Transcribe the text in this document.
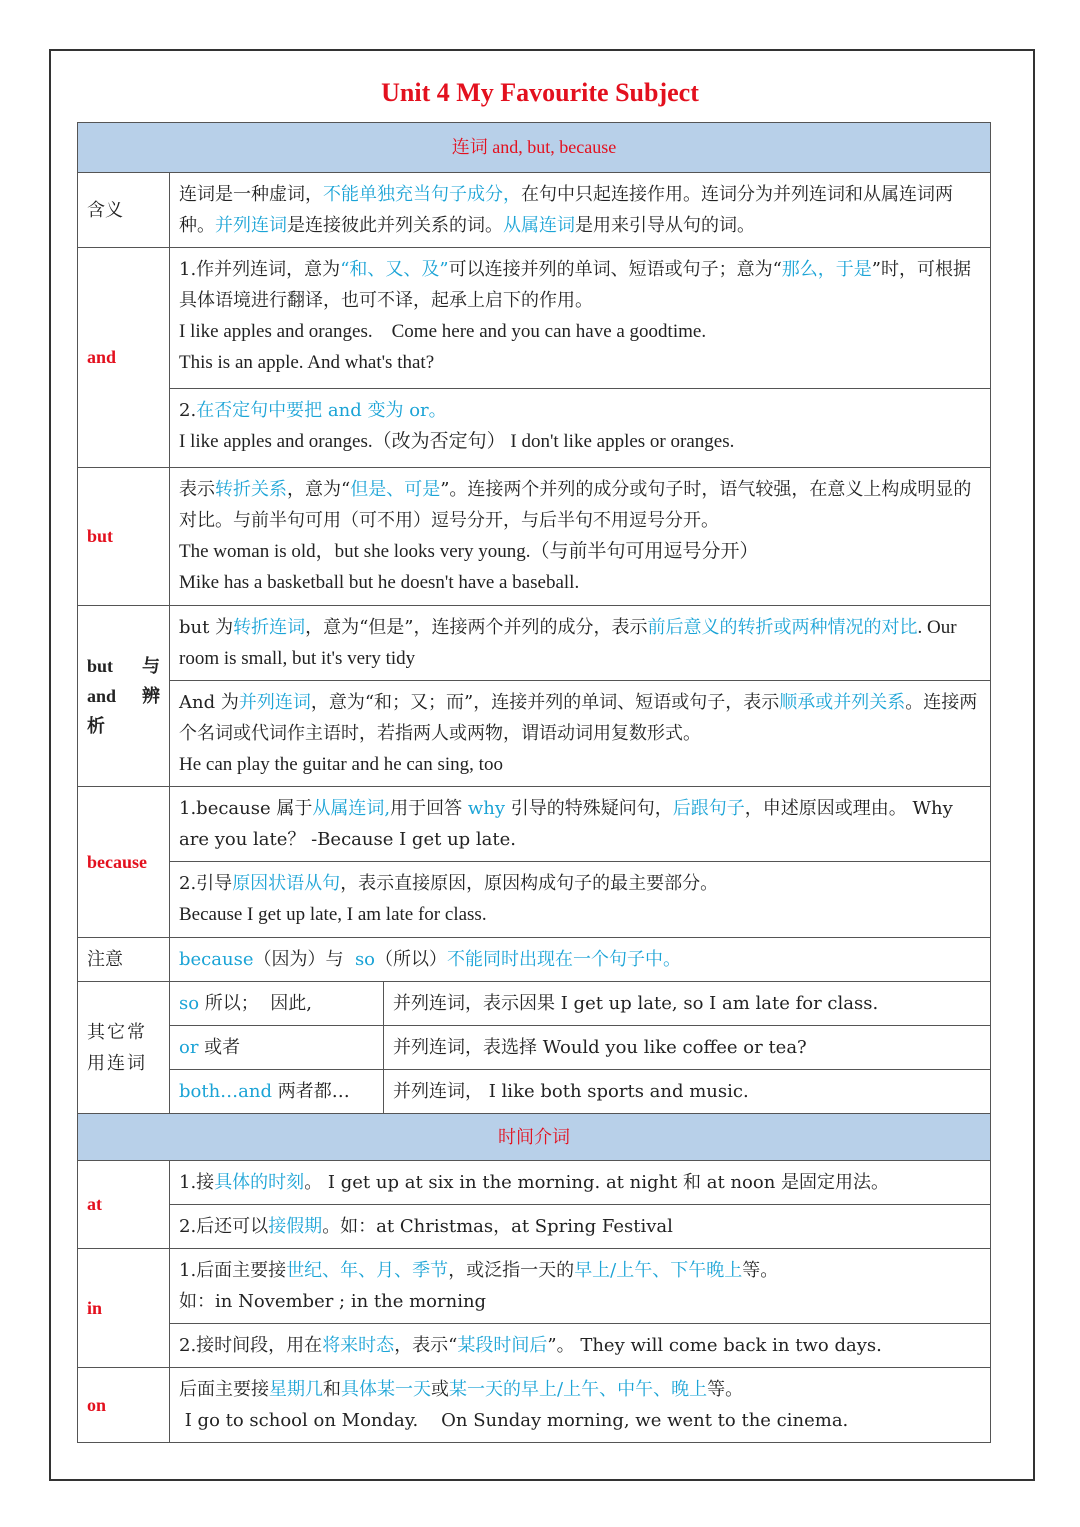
Unit 4 My Favourite Subject
连词 and, but, because		
含义	连词是一种虚词，不能单独充当句子成分，在句中只起连接作用。连词分为并列连词和从属连词两种。并列连词是连接彼此并列关系的词。从属连词是用来引导从句的词。	
and	1.作并列连词，意为“和、又、及”可以连接并列的单词、短语或句子；意为“那么，于是”时，可根据具体语境进行翻译，也可不译，起承上启下的作用。
I like apples and oranges.    Come here and you can have a goodtime.
This is an apple. And what's that?	

	2.在否定句中要把 and 变为 or。
I like apples and oranges.（改为否定句） I don't like apples or oranges.	

but	表示转折关系，意为“但是、可是”。连接两个并列的成分或句子时，语气较强，在意义上构成明显的对比。与前半句可用（可不用）逗号分开，与后半句不用逗号分开。
The woman is old，but she looks very young.（与前半句可用逗号分开）
Mike has a basketball but he doesn't have a baseball.	

but 与
and 辨
析	but 为转折连词，意为“但是”，连接两个并列的成分，表示前后意义的转折或两种情况的对比. Our room is small, but it's very tidy	

	And 为并列连词，意为“和；又；而”，连接并列的单词、短语或句子，表示顺承或并列关系。连接两个名词或代词作主语时，若指两人或两物，谓语动词用复数形式。
He can play the guitar and he can sing, too	

because	1.because 属于从属连词,用于回答 why 引导的特殊疑问句，后跟句子，申述原因或理由。 Why are you late？ -Because I get up late.	

	2.引导原因状语从句，表示直接原因，原因构成句子的最主要部分。
Because I get up late, I am late for class.	

注意	because（因为）与  so（所以）不能同时出现在一个句子中。	
其它常用连词	so 所以；  因此,	并列连词，表示因果 I get up late, so I am late for class.
	or 或者	并列连词，表选择 Would you like coffee or tea?
	both…and 两者都…	并列连词， I like both sports and music.
时间介词		
at	1.接具体的时刻。 I get up at six in the morning. at night 和 at noon 是固定用法。	
	2.后还可以接假期。如：at Christmas，at Spring Festival	
in	1.后面主要接世纪、年、月、季节，或泛指一天的早上/上午、下午晚上等。
如：in November ; in the morning	

	2.接时间段，用在将来时态，表示“某段时间后”。 They will come back in two days.	
on	后面主要接星期几和具体某一天或某一天的早上/上午、中午、晚上等。
I go to school on Monday.    On Sunday morning, we went to the cinema.	
